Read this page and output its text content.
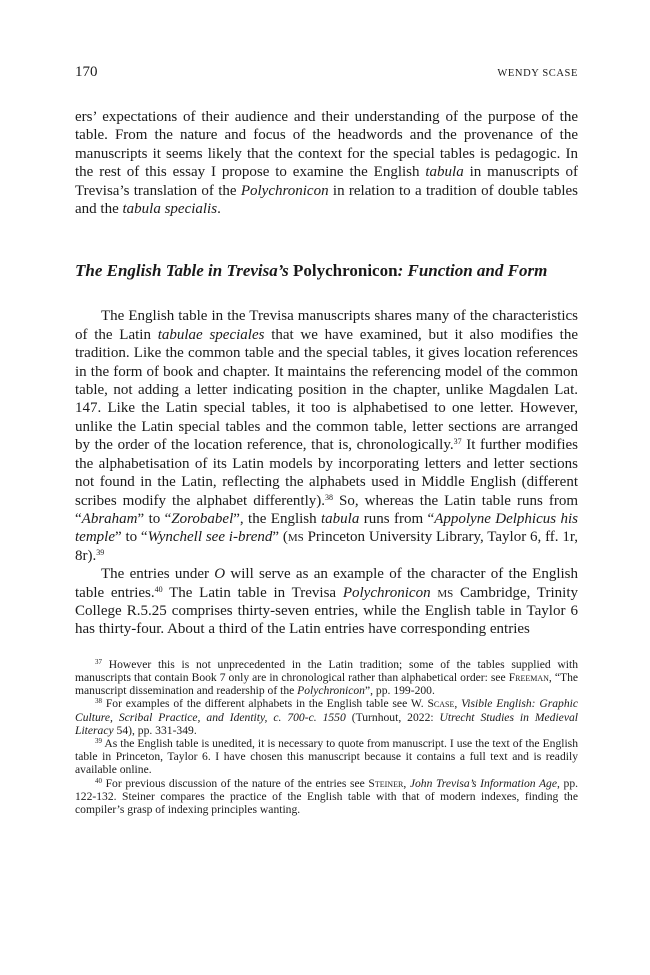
170	WENDY SCASE

ers’ expectations of their audience and their understanding of the purpose of the table. From the nature and focus of the headwords and the provenance of the manuscripts it seems likely that the context for the special tables is pedagogic. In the rest of this essay I propose to examine the English tabula in manuscripts of Trevisa’s translation of the Polychronicon in relation to a tradition of double tables and the tabula specialis.

The English Table in Trevisa’s Polychronicon: Function and Form

The English table in the Trevisa manuscripts shares many of the characteristics of the Latin tabulae speciales that we have examined, but it also modifies the tradition. Like the common table and the special tables, it gives location references in the form of book and chapter. It maintains the referencing model of the common table, not adding a letter indicating position in the chapter, unlike Magdalen Lat. 147. Like the Latin special tables, it too is alphabetised to one letter. However, unlike the Latin special tables and the common table, letter sections are arranged by the order of the location reference, that is, chronologically.$^{37}$ It further modifies the alphabetisation of its Latin models by incorporating letters and letter sections not found in the Latin, reflecting the alphabets used in Middle English (different scribes modify the alphabet differently).$^{38}$ So, whereas the Latin table runs from “Abraham” to “Zorobabel”, the English tabula runs from “Appolyne Delphicus his temple” to “Wynchell see i-brend” (ms Princeton University Library, Taylor 6, ff. 1r, 8r).$^{39}$

The entries under O will serve as an example of the character of the English table entries.$^{40}$ The Latin table in Trevisa Polychronicon ms Cambridge, Trinity College R.5.25 comprises thirty-seven entries, while the English table in Taylor 6 has thirty-four. About a third of the Latin entries have corresponding entries

$^{37}$ However this is not unprecedented in the Latin tradition; some of the tables supplied with manuscripts that contain Book 7 only are in chronological rather than alphabetical order: see Freeman, “The manuscript dissemination and readership of the Polychronicon”, pp. 199-200.

$^{38}$ For examples of the different alphabets in the English table see W. Scase, Visible English: Graphic Culture, Scribal Practice, and Identity, c. 700-c. 1550 (Turnhout, 2022: Utrecht Studies in Medieval Literacy 54), pp. 331-349.

$^{39}$ As the English table is unedited, it is necessary to quote from manuscript. I use the text of the English table in Princeton, Taylor 6. I have chosen this manuscript because it contains a full text and is readily available online.

$^{40}$ For previous discussion of the nature of the entries see Steiner, John Trevisa’s Information Age, pp. 122-132. Steiner compares the practice of the English table with that of modern indexes, finding the compiler’s grasp of indexing principles wanting.
